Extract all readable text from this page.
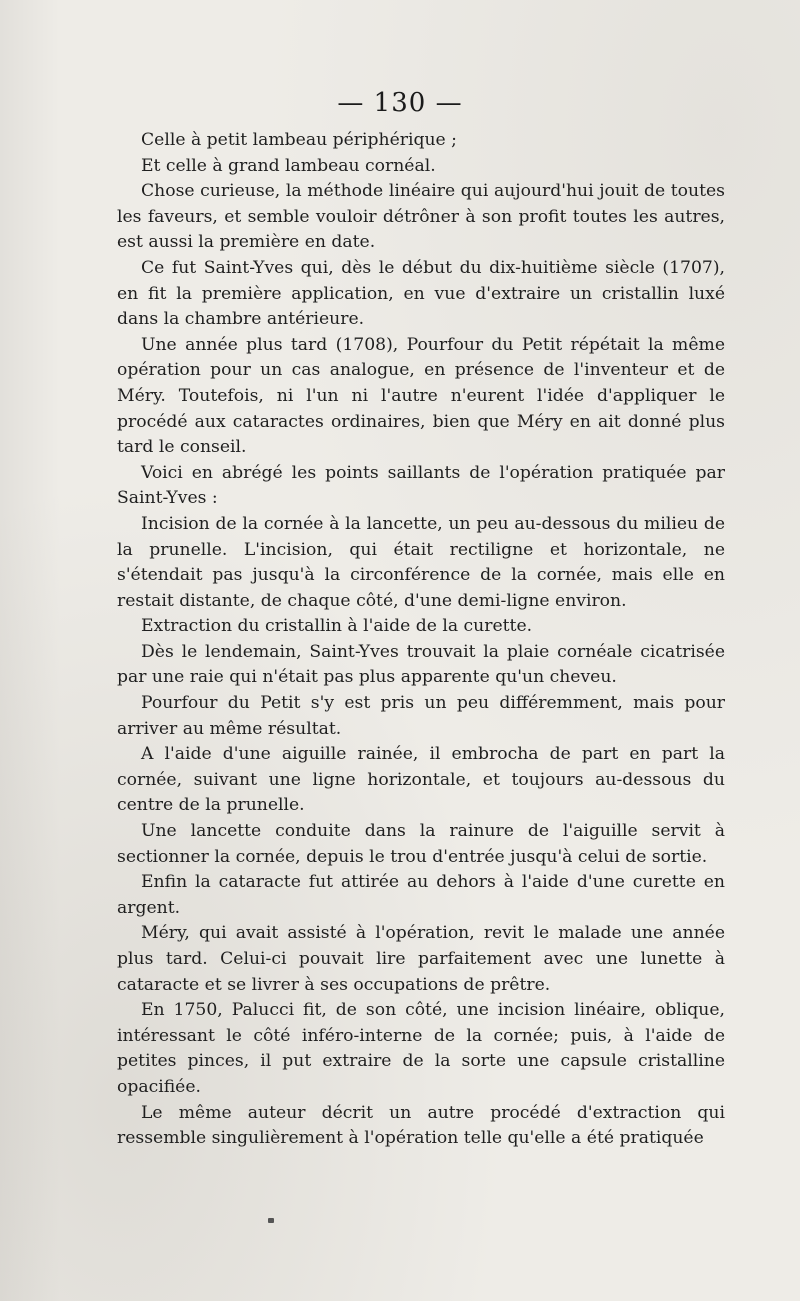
— 130 —

Celle à petit lambeau périphérique ;

Et celle à grand lambeau cornéal.

Chose curieuse, la méthode linéaire qui aujourd'hui jouit de toutes les faveurs, et semble vouloir détrôner à son profit toutes les autres, est aussi la première en date.

Ce fut Saint-Yves qui, dès le début du dix-huitième siècle (1707), en fit la première application, en vue d'extraire un cristallin luxé dans la chambre antérieure.

Une année plus tard (1708), Pourfour du Petit répétait la même opération pour un cas analogue, en présence de l'inventeur et de Méry. Toutefois, ni l'un ni l'autre n'eurent l'idée d'appliquer le procédé aux cataractes ordinaires, bien que Méry en ait donné plus tard le conseil.

Voici en abrégé les points saillants de l'opération pratiquée par Saint-Yves :

Incision de la cornée à la lancette, un peu au-dessous du milieu de la prunelle. L'incision, qui était rectiligne et horizontale, ne s'étendait pas jusqu'à la circonférence de la cornée, mais elle en restait distante, de chaque côté, d'une demi-ligne environ.

Extraction du cristallin à l'aide de la curette.

Dès le lendemain, Saint-Yves trouvait la plaie cornéale cicatrisée par une raie qui n'était pas plus apparente qu'un cheveu.

Pourfour du Petit s'y est pris un peu différemment, mais pour arriver au même résultat.

A l'aide d'une aiguille rainée, il embrocha de part en part la cornée, suivant une ligne horizontale, et toujours au-dessous du centre de la prunelle.

Une lancette conduite dans la rainure de l'aiguille servit à sectionner la cornée, depuis le trou d'entrée jusqu'à celui de sortie.

Enfin la cataracte fut attirée au dehors à l'aide d'une curette en argent.

Méry, qui avait assisté à l'opération, revit le malade une année plus tard. Celui-ci pouvait lire parfaitement avec une lunette à cataracte et se livrer à ses occupations de prêtre.

En 1750, Palucci fit, de son côté, une incision linéaire, oblique, intéressant le côté inféro-interne de la cornée; puis, à l'aide de petites pinces, il put extraire de la sorte une capsule cristalline opacifiée.

Le même auteur décrit un autre procédé d'extraction qui ressemble singulièrement à l'opération telle qu'elle a été pratiquée
